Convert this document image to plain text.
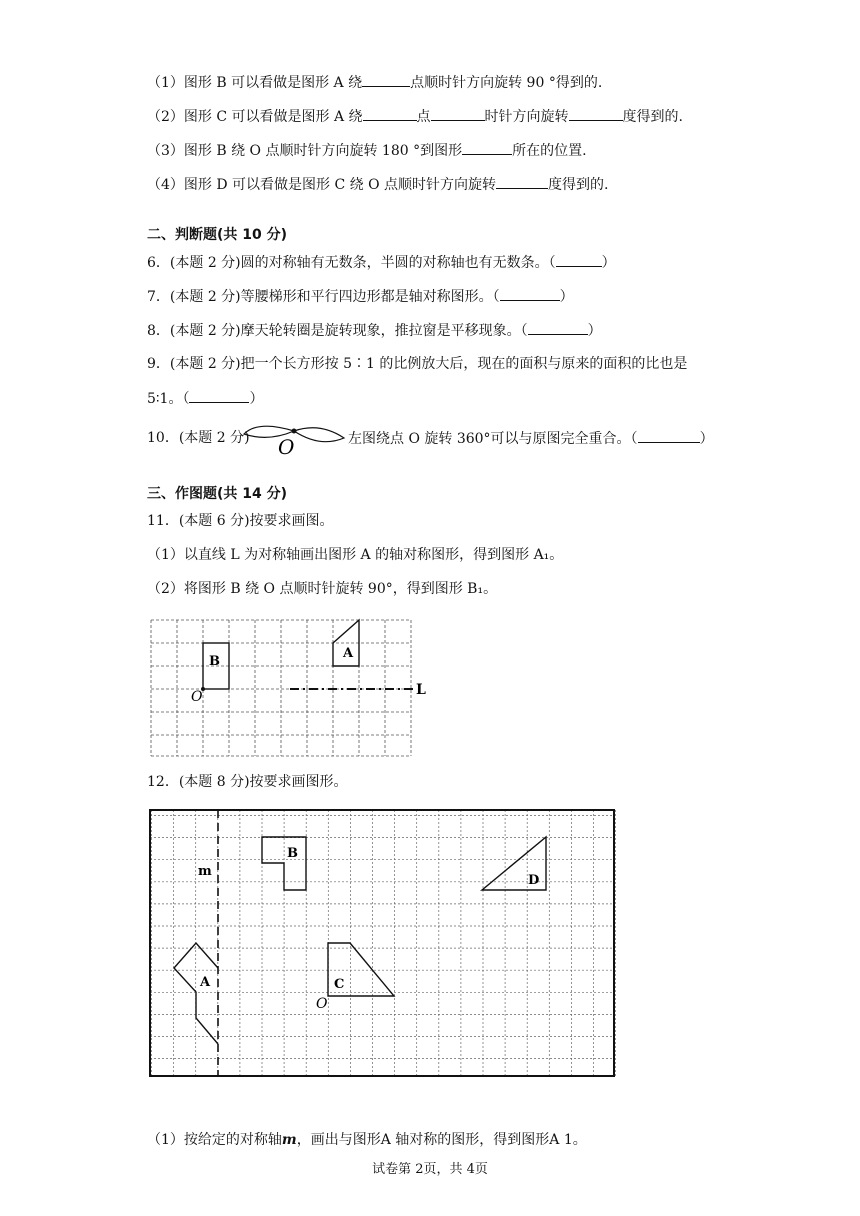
（1）图形 B 可以看做是图形 A 绕	点顺时针方向旋转 90 °得到的.
（2）图形 C 可以看做是图形 A 绕	点	时针方向旋转	度得到的.
（3）图形 B 绕 O 点顺时针方向旋转 180 °到图形	所在的位置.
（4）图形 D 可以看做是图形 C 绕 O 点顺时针方向旋转	度得到的.
二、判断题(共 10 分)
6．(本题 2 分)圆的对称轴有无数条，半圆的对称轴也有无数条。（	）
7．(本题 2 分)等腰梯形和平行四边形都是轴对称图形。（	）
8．(本题 2 分)摩天轮转圈是旋转现象，推拉窗是平移现象。（	）
9．(本题 2 分)把一个长方形按 5∶1 的比例放大后，现在的面积与原来的面积的比也是
5∶1。（	）
10．(本题 2 分) O	左图绕点 O 旋转 360°可以与原图完全重合。（	）
三、作图题(共 14 分)
11．(本题 6 分)按要求画图。
（1）以直线 L 为对称轴画出图形 A 的轴对称图形，得到图形 A₁。
（2）将图形 B 绕 O 点顺时针旋转 90°，得到图形 B₁。
B
O
A
L
12．(本题 8 分)按要求画图形。
m
B
D
A	C
O
（1）按给定的对称轴m，画出与图形A 轴对称的图形，得到图形A 1。
试卷第 2页，共 4页
